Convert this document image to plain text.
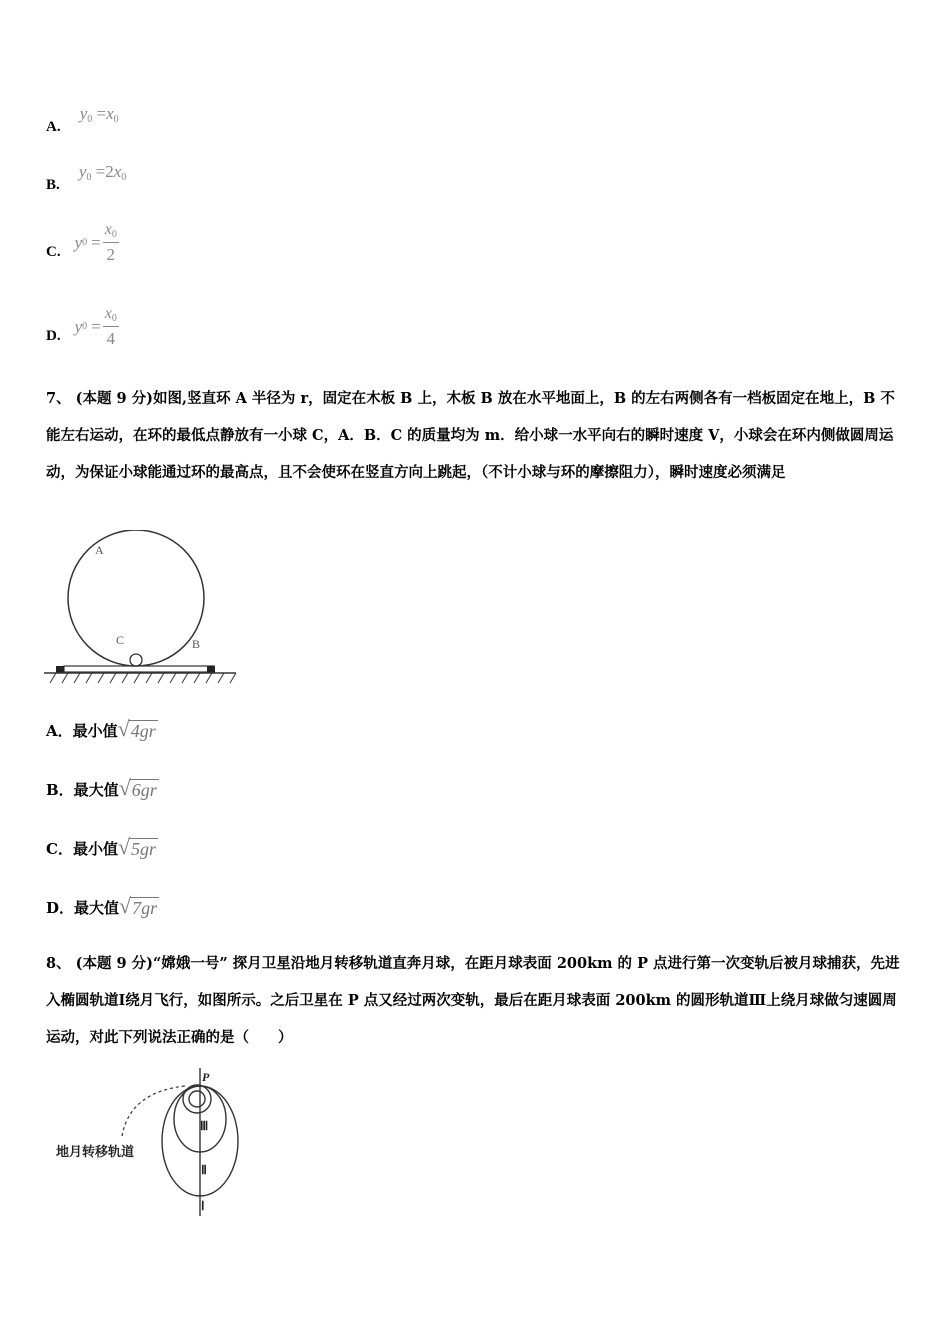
A. $y_0 =x_0$
B. $y_0 =2x_0$
C.
y $0 = \frac{x_0}{2}$
D.
y $0 = \frac{x_0}{4}$
7、 (本题 9 分)如图,竖直环 A 半径为 r，固定在木板 B 上，木板 B 放在水平地面上，B 的左右两侧各有一档板固定在地上，B 不能左右运动，在环的最低点静放有一小球 C，A．B．C 的质量均为 m．给小球一水平向右的瞬时速度 V，小球会在环内侧做圆周运动，为保证小球能通过环的最高点，且不会使环在竖直方向上跳起，（不计小球与环的摩擦阻力），瞬时速度必须满足
A
C	B
A．最小值 √ 4gr
B．最大值 √ 6gr
C．最小值 √ 5gr
D．最大值 √ 7gr
8、 (本题 9 分)“嫦娥一号” 探月卫星沿地月转移轨道直奔月球，在距月球表面 200km 的 P 点进行第一次变轨后被月球捕获，先进入椭圆轨道Ⅰ绕月飞行，如图所示。之后卫星在 P 点又经过两次变轨，最后在距月球表面 200km 的圆形轨道Ⅲ上绕月球做匀速圆周运动，对此下列说法正确的是（　　）
P
Ⅲ
Ⅱ
Ⅰ
地月转移轨道
